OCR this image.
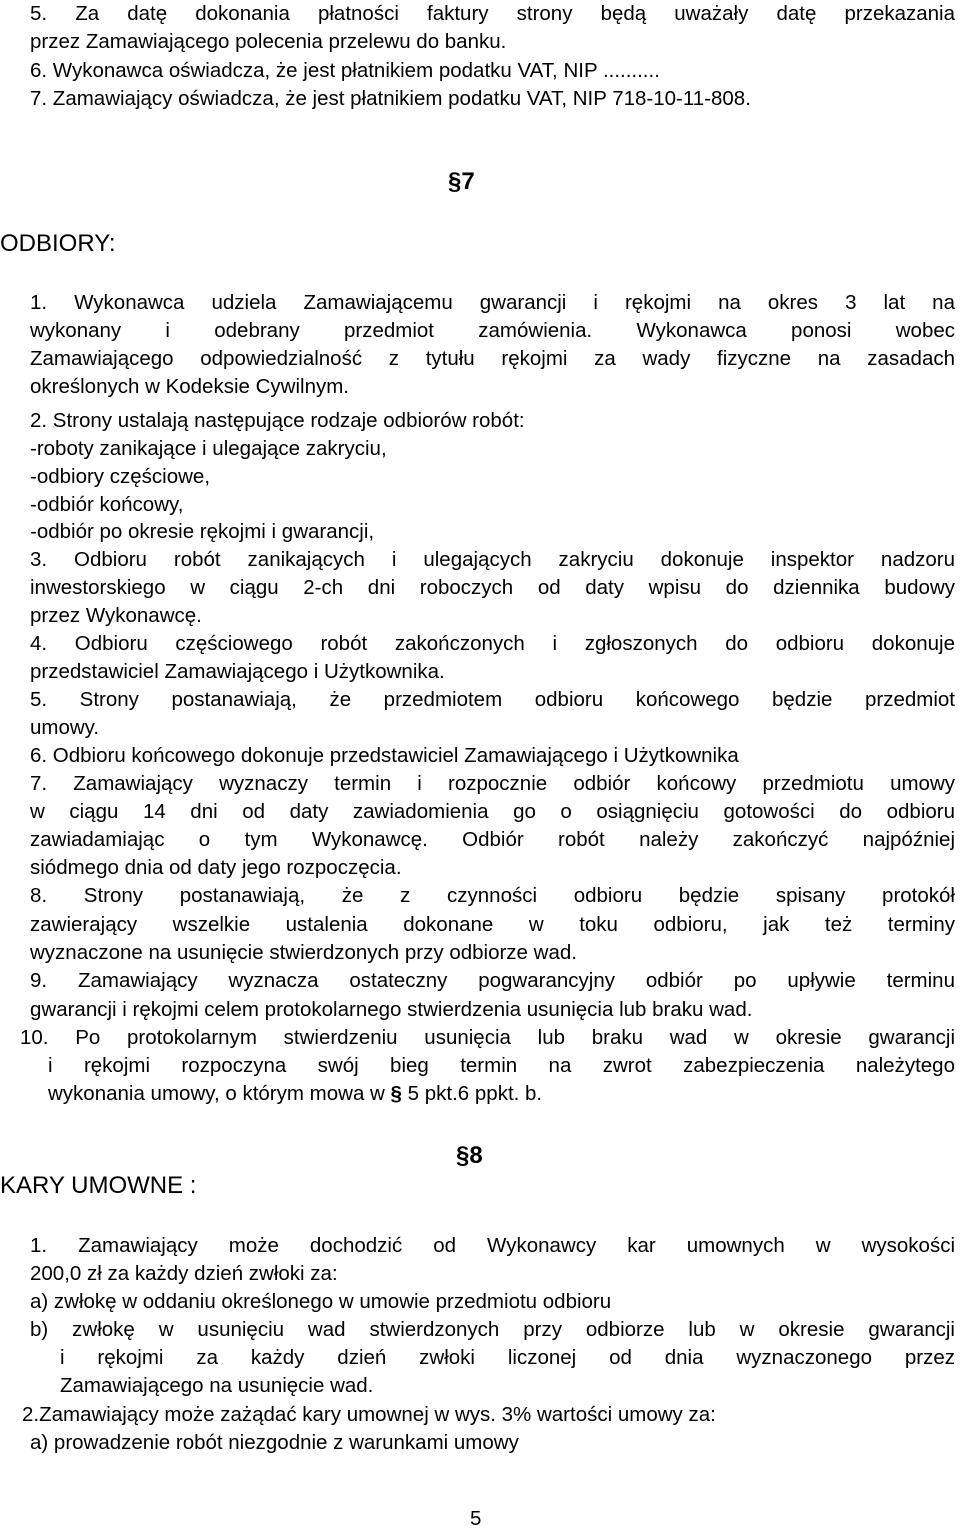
5. Za datę dokonania płatności faktury strony będą uważały datę przekazania
przez Zamawiającego polecenia przelewu do banku.
6. Wykonawca oświadcza, że jest płatnikiem podatku VAT, NIP ..........
7. Zamawiający oświadcza, że jest płatnikiem podatku VAT, NIP 718-10-11-808.
§7
ODBIORY:
1. Wykonawca udziela Zamawiającemu gwarancji i rękojmi na okres 3 lat na
wykonany i odebrany przedmiot zamówienia. Wykonawca ponosi wobec
Zamawiającego odpowiedzialność z tytułu rękojmi za wady fizyczne na zasadach
określonych w Kodeksie Cywilnym.
2. Strony ustalają następujące rodzaje odbiorów robót:
-roboty zanikające i ulegające zakryciu,
-odbiory częściowe,
-odbiór końcowy,
-odbiór po okresie rękojmi i gwarancji,
3. Odbioru robót zanikających i ulegających zakryciu dokonuje inspektor nadzoru
inwestorskiego w ciągu 2-ch dni roboczych od daty wpisu do dziennika budowy
przez Wykonawcę.
4. Odbioru częściowego robót zakończonych i zgłoszonych do odbioru dokonuje
przedstawiciel Zamawiającego i Użytkownika.
5. Strony postanawiają, że przedmiotem odbioru końcowego będzie przedmiot
umowy.
6. Odbioru końcowego dokonuje przedstawiciel Zamawiającego i Użytkownika
7. Zamawiający wyznaczy termin i rozpocznie odbiór końcowy przedmiotu umowy
w ciągu 14 dni od daty zawiadomienia go o osiągnięciu gotowości do odbioru
zawiadamiając o tym Wykonawcę. Odbiór robót należy zakończyć najpóźniej
siódmego dnia od daty jego rozpoczęcia.
8. Strony postanawiają, że z czynności odbioru będzie spisany protokół
zawierający wszelkie ustalenia dokonane w toku odbioru, jak też terminy
wyznaczone na usunięcie stwierdzonych przy odbiorze wad.
9. Zamawiający wyznacza ostateczny pogwarancyjny odbiór po upływie terminu
gwarancji i rękojmi celem protokolarnego stwierdzenia usunięcia lub braku wad.
10. Po protokolarnym stwierdzeniu usunięcia lub braku wad w okresie gwarancji
i rękojmi rozpoczyna swój bieg termin na zwrot zabezpieczenia należytego
wykonania umowy, o którym mowa w § 5 pkt.6 ppkt. b.
§8
KARY UMOWNE :
1. Zamawiający może dochodzić od Wykonawcy kar umownych w wysokości
200,0 zł za każdy dzień zwłoki za:
a) zwłokę w oddaniu określonego w umowie przedmiotu odbioru
b) zwłokę w usunięciu wad stwierdzonych przy odbiorze lub w okresie gwarancji
i rękojmi za każdy dzień zwłoki liczonej od dnia wyznaczonego przez
Zamawiającego na usunięcie wad.
2.Zamawiający może zażądać kary umownej w wys. 3% wartości umowy za:
a) prowadzenie robót niezgodnie z warunkami umowy
5
